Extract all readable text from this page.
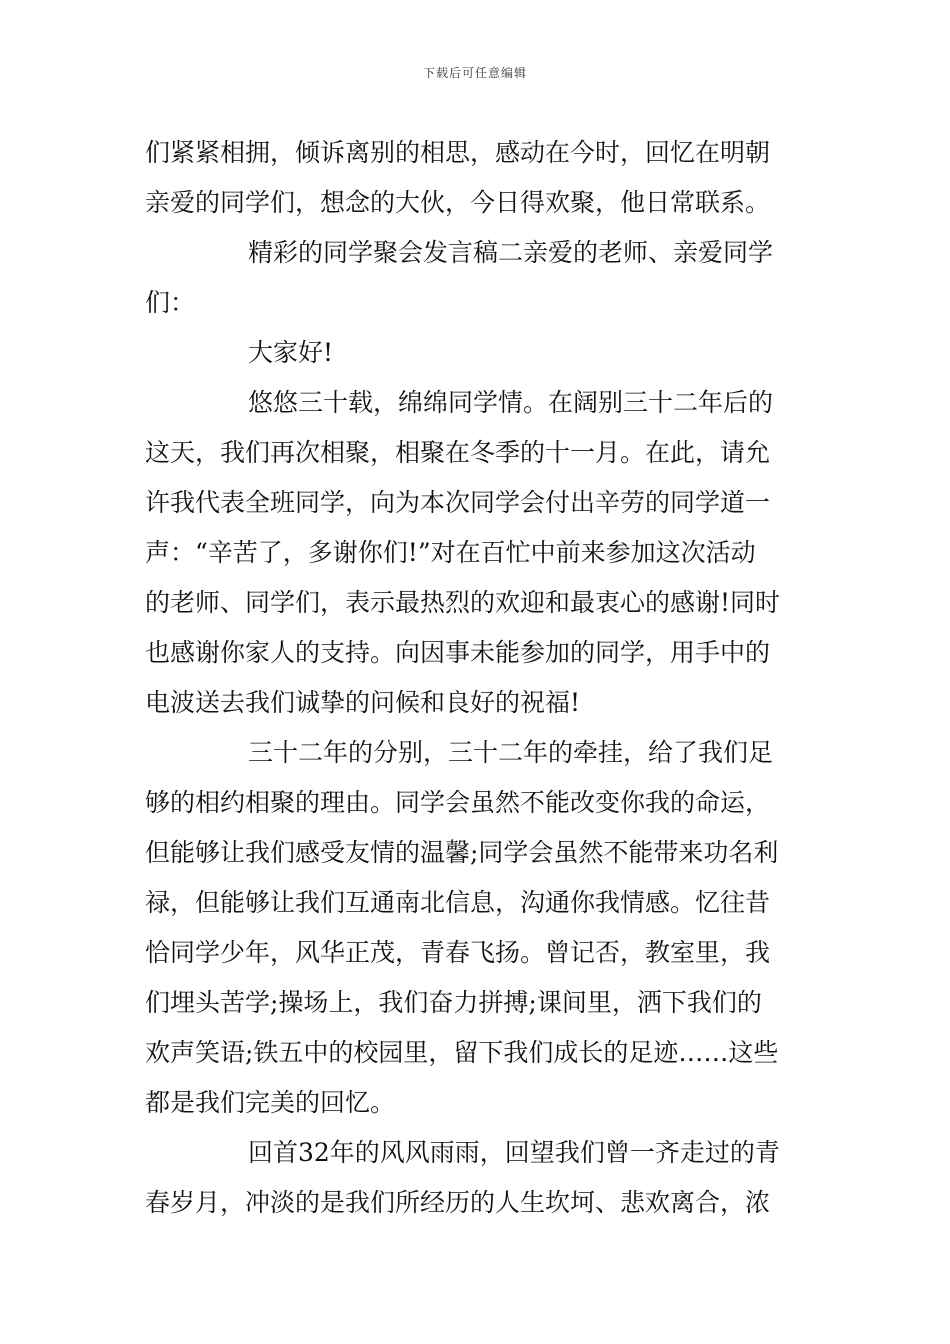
下载后可任意编辑
们紧紧相拥，倾诉离别的相思，感动在今时，回忆在明朝
亲爱的同学们，想念的大伙，今日得欢聚，他日常联系。
精彩的同学聚会发言稿二亲爱的老师、亲爱同学
们：
大家好!
悠悠三十载，绵绵同学情。在阔别三十二年后的
这天，我们再次相聚，相聚在冬季的十一月。在此，请允
许我代表全班同学，向为本次同学会付出辛劳的同学道一
声：“辛苦了，多谢你们!”对在百忙中前来参加这次活动
的老师、同学们，表示最热烈的欢迎和最衷心的感谢!同时
也感谢你家人的支持。向因事未能参加的同学，用手中的
电波送去我们诚挚的问候和良好的祝福!
三十二年的分别，三十二年的牵挂，给了我们足
够的相约相聚的理由。同学会虽然不能改变你我的命运，
但能够让我们感受友情的温馨;同学会虽然不能带来功名利
禄，但能够让我们互通南北信息，沟通你我情感。忆往昔
恰同学少年，风华正茂，青春飞扬。曾记否，教室里，我
们埋头苦学;操场上，我们奋力拼搏;课间里，洒下我们的
欢声笑语;铁五中的校园里，留下我们成长的足迹……这些
都是我们完美的回忆。
回首32年的风风雨雨，回望我们曾一齐走过的青
春岁月，冲淡的是我们所经历的人生坎坷、悲欢离合，浓
